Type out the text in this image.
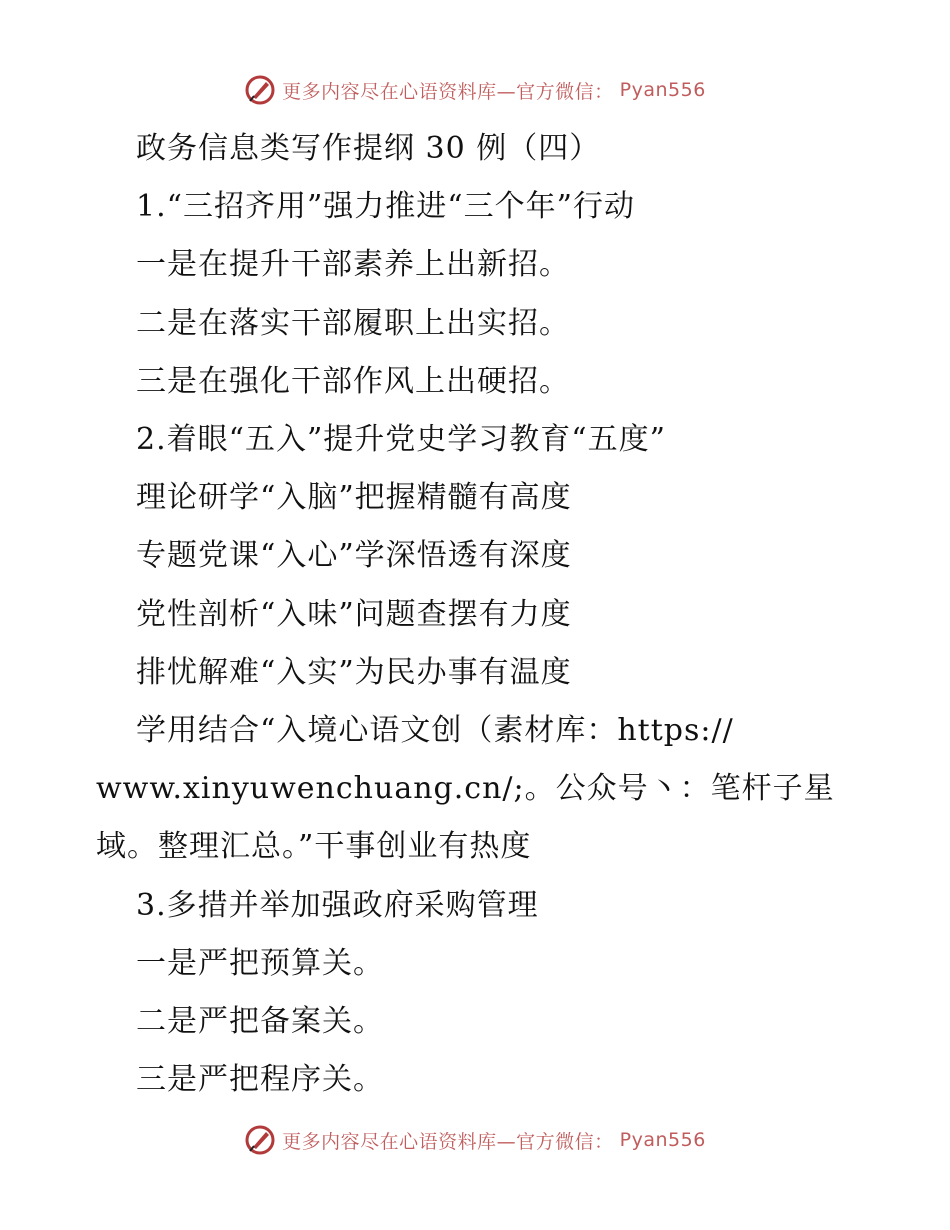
更多内容尽在心语资料库—官方微信： Pyan556
政务信息类写作提纲 30 例（四）
1.“三招齐用”强力推进“三个年”行动
一是在提升干部素养上出新招。
二是在落实干部履职上出实招。
三是在强化干部作风上出硬招。
2.着眼“五入”提升党史学习教育“五度”
理论研学“入脑”把握精髓有高度
专题党课“入心”学深悟透有深度
党性剖析“入味”问题查摆有力度
排忧解难“入实”为民办事有温度
学用结合“入境心语文创（素材库：https://
www.xinyuwenchuang.cn/;。公众号丶：笔杆子星
域。整理汇总。”干事创业有热度
3.多措并举加强政府采购管理
一是严把预算关。
二是严把备案关。
三是严把程序关。
更多内容尽在心语资料库—官方微信： Pyan556
